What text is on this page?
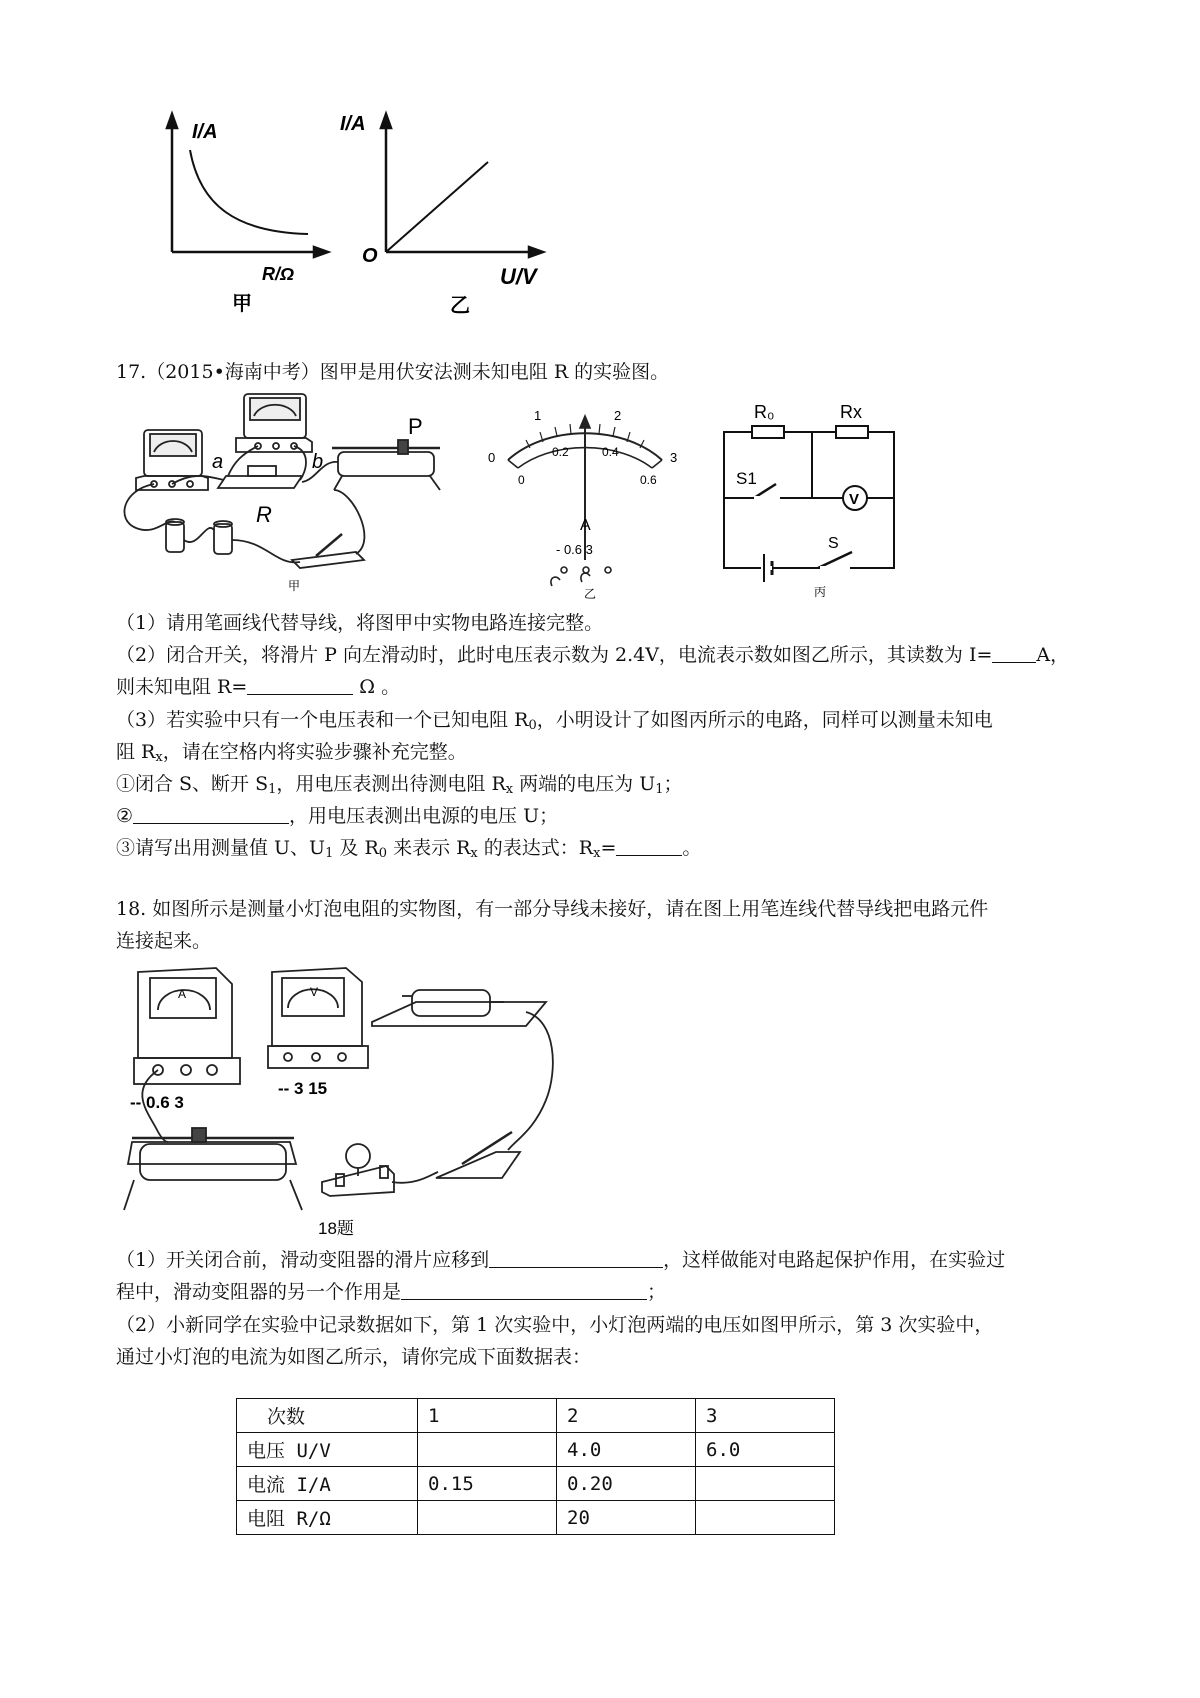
I/A
R/Ω
甲
I/A
O
U/V
乙
17.（2015•海南中考）图甲是用伏安法测未知电阻 R 的实验图。
a	b
R
P
甲
0
1	2
3
0
0.2	0.4
0.6
A
- 0.6 3
乙
R₀	Rx
S1
V
S
丙
（1）请用笔画线代替导线，将图甲中实物电路连接完整。
（2）闭合开关，将滑片 P 向左滑动时，此时电压表示数为 2.4V，电流表示数如图乙所示，其读数为 I= A，
则未知电阻 R=	Ω 。
（3）若实验中只有一个电压表和一个已知电阻 $R_0$，小明设计了如图丙所示的电路，同样可以测量未知电
阻 $R_x$，请在空格内将实验步骤补充完整。
①闭合 S、断开 $S_1$，用电压表测出待测电阻 $R_x$ 两端的电压为 $U_1$；
②	，用电压表测出电源的电压 U；
③请写出用测量值 U、$U_1$ 及 $R_0$ 来表示 $R_x$ 的表达式：$R_x=$	。
18. 如图所示是测量小灯泡电阻的实物图，有一部分导线未接好，请在图上用笔连线代替导线把电路元件
连接起来。
A	V
-- 0.6 3
-- 3 15
18题
（1）开关闭合前，滑动变阻器的滑片应移到	，这样做能对电路起保护作用，在实验过
程中，滑动变阻器的另一个作用是	；
（2）小新同学在实验中记录数据如下，第 1 次实验中，小灯泡两端的电压如图甲所示，第 3 次实验中，
通过小灯泡的电流为如图乙所示，请你完成下面数据表：
次数	1	2	3
电压 U/V		4.0	6.0
电流 I/A	0.15	0.20	
电阻 R/Ω		20	
